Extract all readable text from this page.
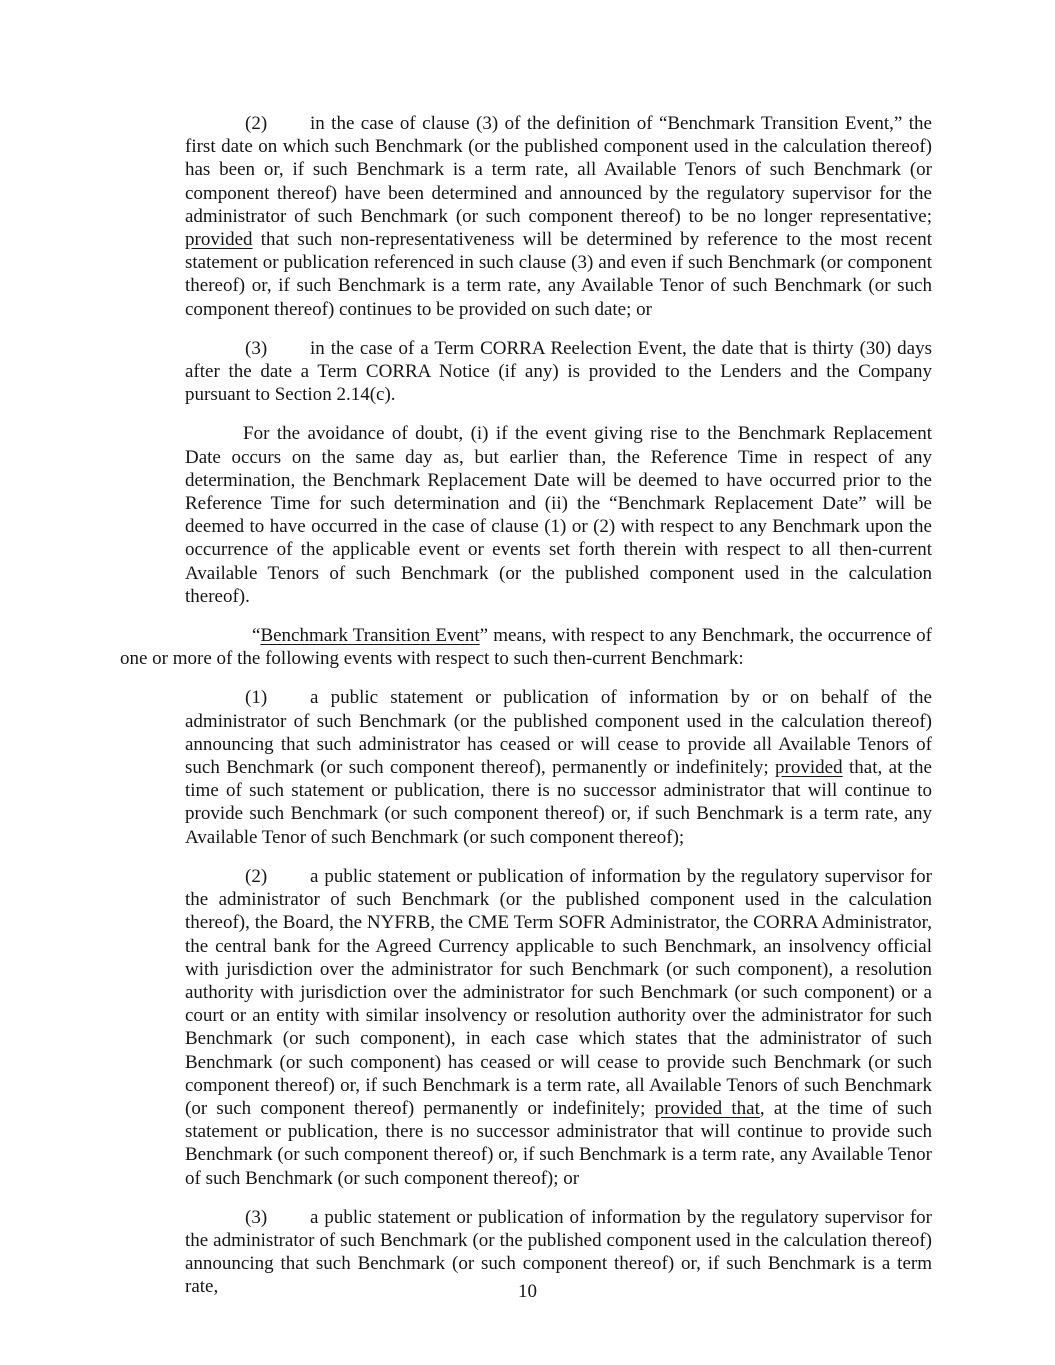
(2) in the case of clause (3) of the definition of “Benchmark Transition Event,” the first date on which such Benchmark (or the published component used in the calculation thereof) has been or, if such Benchmark is a term rate, all Available Tenors of such Benchmark (or component thereof) have been determined and announced by the regulatory supervisor for the administrator of such Benchmark (or such component thereof) to be no longer representative; provided that such non-representativeness will be determined by reference to the most recent statement or publication referenced in such clause (3) and even if such Benchmark (or component thereof) or, if such Benchmark is a term rate, any Available Tenor of such Benchmark (or such component thereof) continues to be provided on such date; or

(3) in the case of a Term CORRA Reelection Event, the date that is thirty (30) days after the date a Term CORRA Notice (if any) is provided to the Lenders and the Company pursuant to Section 2.14(c).

For the avoidance of doubt, (i) if the event giving rise to the Benchmark Replacement Date occurs on the same day as, but earlier than, the Reference Time in respect of any determination, the Benchmark Replacement Date will be deemed to have occurred prior to the Reference Time for such determination and (ii) the “Benchmark Replacement Date” will be deemed to have occurred in the case of clause (1) or (2) with respect to any Benchmark upon the occurrence of the applicable event or events set forth therein with respect to all then-current Available Tenors of such Benchmark (or the published component used in the calculation thereof).

“Benchmark Transition Event” means, with respect to any Benchmark, the occurrence of one or more of the following events with respect to such then-current Benchmark:

(1) a public statement or publication of information by or on behalf of the administrator of such Benchmark (or the published component used in the calculation thereof) announcing that such administrator has ceased or will cease to provide all Available Tenors of such Benchmark (or such component thereof), permanently or indefinitely; provided that, at the time of such statement or publication, there is no successor administrator that will continue to provide such Benchmark (or such component thereof) or, if such Benchmark is a term rate, any Available Tenor of such Benchmark (or such component thereof);

(2) a public statement or publication of information by the regulatory supervisor for the administrator of such Benchmark (or the published component used in the calculation thereof), the Board, the NYFRB, the CME Term SOFR Administrator, the CORRA Administrator, the central bank for the Agreed Currency applicable to such Benchmark, an insolvency official with jurisdiction over the administrator for such Benchmark (or such component), a resolution authority with jurisdiction over the administrator for such Benchmark (or such component) or a court or an entity with similar insolvency or resolution authority over the administrator for such Benchmark (or such component), in each case which states that the administrator of such Benchmark (or such component) has ceased or will cease to provide such Benchmark (or such component thereof) or, if such Benchmark is a term rate, all Available Tenors of such Benchmark (or such component thereof) permanently or indefinitely; provided that, at the time of such statement or publication, there is no successor administrator that will continue to provide such Benchmark (or such component thereof) or, if such Benchmark is a term rate, any Available Tenor of such Benchmark (or such component thereof); or

(3) a public statement or publication of information by the regulatory supervisor for the administrator of such Benchmark (or the published component used in the calculation thereof) announcing that such Benchmark (or such component thereof) or, if such Benchmark is a term rate,	10
